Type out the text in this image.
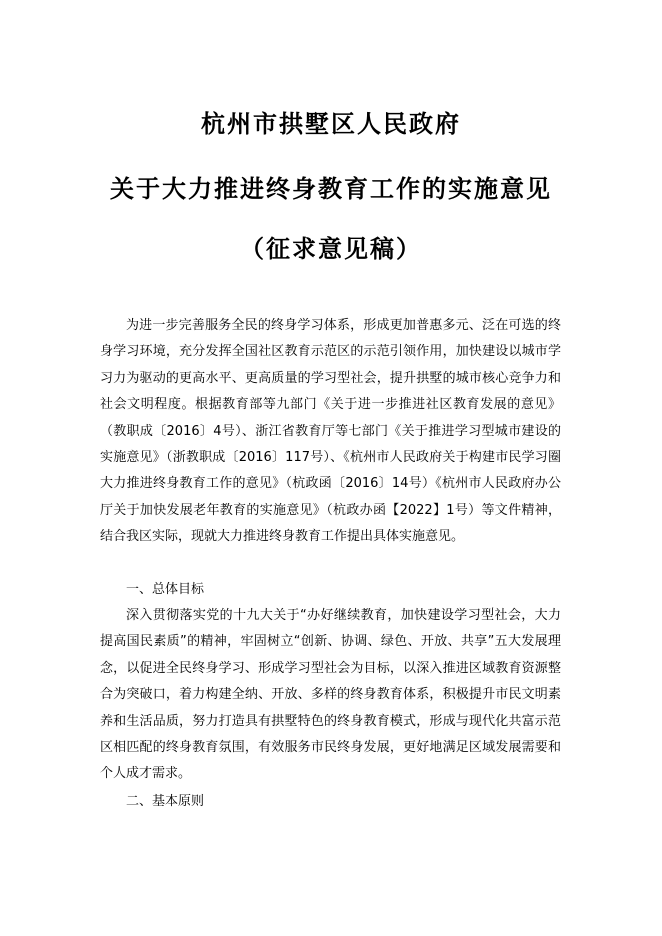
杭州市拱墅区人民政府
关于大力推进终身教育工作的实施意见
（征求意见稿）

为进一步完善服务全民的终身学习体系，形成更加普惠多元、泛在可选的终身学习环境，充分发挥全国社区教育示范区的示范引领作用，加快建设以城市学习力为驱动的更高水平、更高质量的学习型社会，提升拱墅的城市核心竞争力和社会文明程度。根据教育部等九部门《关于进一步推进社区教育发展的意见》（教职成〔2016〕4号）、浙江省教育厅等七部门《关于推进学习型城市建设的实施意见》（浙教职成〔2016〕117号）、《杭州市人民政府关于构建市民学习圈大力推进终身教育工作的意见》（杭政函〔2016〕14号）《杭州市人民政府办公厅关于加快发展老年教育的实施意见》（杭政办函【2022】1号）等文件精神，结合我区实际，现就大力推进终身教育工作提出具体实施意见。

一、总体目标

深入贯彻落实党的十九大关于“办好继续教育，加快建设学习型社会，大力提高国民素质”的精神，牢固树立“创新、协调、绿色、开放、共享”五大发展理念，以促进全民终身学习、形成学习型社会为目标，以深入推进区域教育资源整合为突破口，着力构建全纳、开放、多样的终身教育体系，积极提升市民文明素养和生活品质，努力打造具有拱墅特色的终身教育模式，形成与现代化共富示范区相匹配的终身教育氛围，有效服务市民终身发展，更好地满足区域发展需要和个人成才需求。

二、基本原则
